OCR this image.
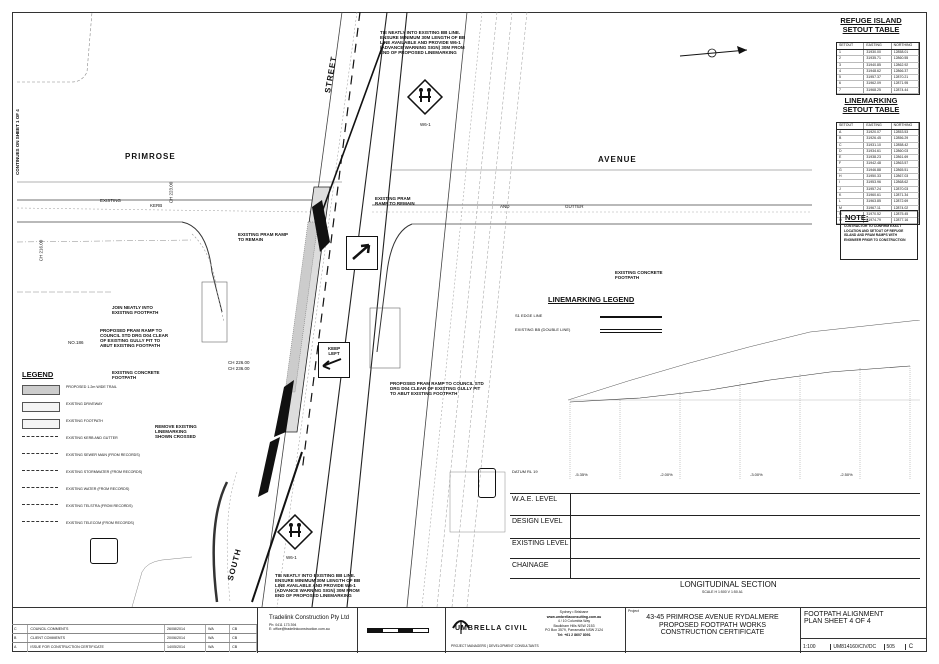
KEEP
LEFT
PRIMROSE	AVENUE
STREET
SOUTH
CONTINUES ON SHEET 1 OF 4
TIE NEATLY INTO EXISTING BB LINE.
ENSURE MINIMUM 30M LENGTH OF BB
LINE AVAILABLE AND PROVIDE W6-1
(ADVANCE WARNING SIGN) 30M FROM
END OF PROPOSED LINEMARKING
TIE NEATLY INTO EXISTING BB LINE.
ENSURE MINIMUM 30M LENGTH OF BB
LINE AVAILABLE AND PROVIDE W6-1
(ADVANCE WARNING SIGN) 30M FROM
END OF PROPOSED LINEMARKING
EXISTING PRAM RAMP
TO REMAIN
EXISTING PRAM
RAMP TO REMAIN
EXISTING CONCRETE
FOOTPATH
EXISTING CONCRETE
FOOTPATH
JOIN NEATLY INTO
EXISTING FOOTPATH
PROPOSED PRAM RAMP TO
COUNCIL STD DRG D04 CLEAR
OF EXISTING GULLY PIT TO
ABUT EXISTING FOOTPATH
PROPOSED PRAM RAMP TO COUNCIL STD
DRG D04 CLEAR OF EXISTING GULLY PIT
TO ABUT EXISTING FOOTPATH
REMOVE EXISTING
LINEMARKING
SHOWN CROSSED
NO.186
EXISTING
KERB	AND	GUTTER
W6-1
W6-1
CH 216.00
CH 223.00
CH 226.00
CH 236.00
REFUGE ISLAND
SETOUT TABLE
SETOUT	EASTING	NORTHING
1	31930.00	12858.01
2	31935.71	12860.55
3	31940.85	12862.92
4	31948.62	12866.37
5	31957.37	12870.21
6	31962.09	12871.95
7	31968.25	12874.44
LINEMARKING
SETOUT TABLE
SETOUT	EASTING	NORTHING
A	31920.07	12853.53
B	31926.45	12856.29
C	31931.10	12858.42
D	31934.61	12860.03
E	31938.23	12861.69
F	31942.48	12863.57
G	31946.88	12865.51
H	31950.33	12867.03
I	31953.96	12868.62
J	31957.24	12870.03
K	31960.61	12871.34
L	31963.85	12872.69
M	31967.11	12874.02
N	31970.52	12875.45
O	31974.79	12877.16
NOTE:
CONTRACTOR TO CONFIRM EXACT
LOCATION AND SETOUT OF REFUGE
ISLAND AND PRAM RAMPS WITH
ENGINEER PRIOR TO CONSTRUCTION
LINEMARKING LEGEND
S1 EDGE LINE
EXISTING BB (DOUBLE LINE)
LEGEND
PROPOSED 1.2m WIDE TRAIL
EXISTING DRIVEWAY
EXISTING FOOTPATH
EXISTING KERB AND GUTTER
EXISTING SEWER MAIN (FROM RECORDS)
EXISTING STORMWATER (FROM RECORDS)
EXISTING WATER (FROM RECORDS)
EXISTING TELSTRA (FROM RECORDS)
EXISTING TELECOM (FROM RECORDS)
DATUM RL 19
-5.35%	-2.00%	-3.00%	-2.50%
W.A.E. LEVEL
DESIGN LEVEL
EXISTING LEVEL
CHAINAGE
LONGITUDINAL SECTION
SCALE H 1:500 V 1:50 A1
C	COUNCIL COMMENTS	26/08/2014	WA	CB
B	CLIENT COMMENTS	20/06/2014	WA	CB
A	ISSUE FOR CONSTRUCTION CERTIFICATE	14/05/2014	WA	CB
Tradelink Construction Pty Ltd
Ph: 0411 173 394
E: office@tradelinkconstruction.com.au	UMBRELLA CIVIL
Sydney • Brisbane
www.umbrellaconsulting.com.au
4 / 10 Columbia Way
Baulkham Hills NSW 2153
PO Box 3579, Parramatta NSW 2124
Tel: +61 2 8607 8091
PROJECT MANAGERS | DEVELOPMENT CONSULTANTS
Project
43-45 PRIMROSE AVENUE RYDALMERE
PROPOSED FOOTPATH WORKS
CONSTRUCTION CERTIFICATE
FOOTPATH ALIGNMENT
PLAN SHEET 4 OF 4
1:100	UM814160/CIV/DC	505	C
